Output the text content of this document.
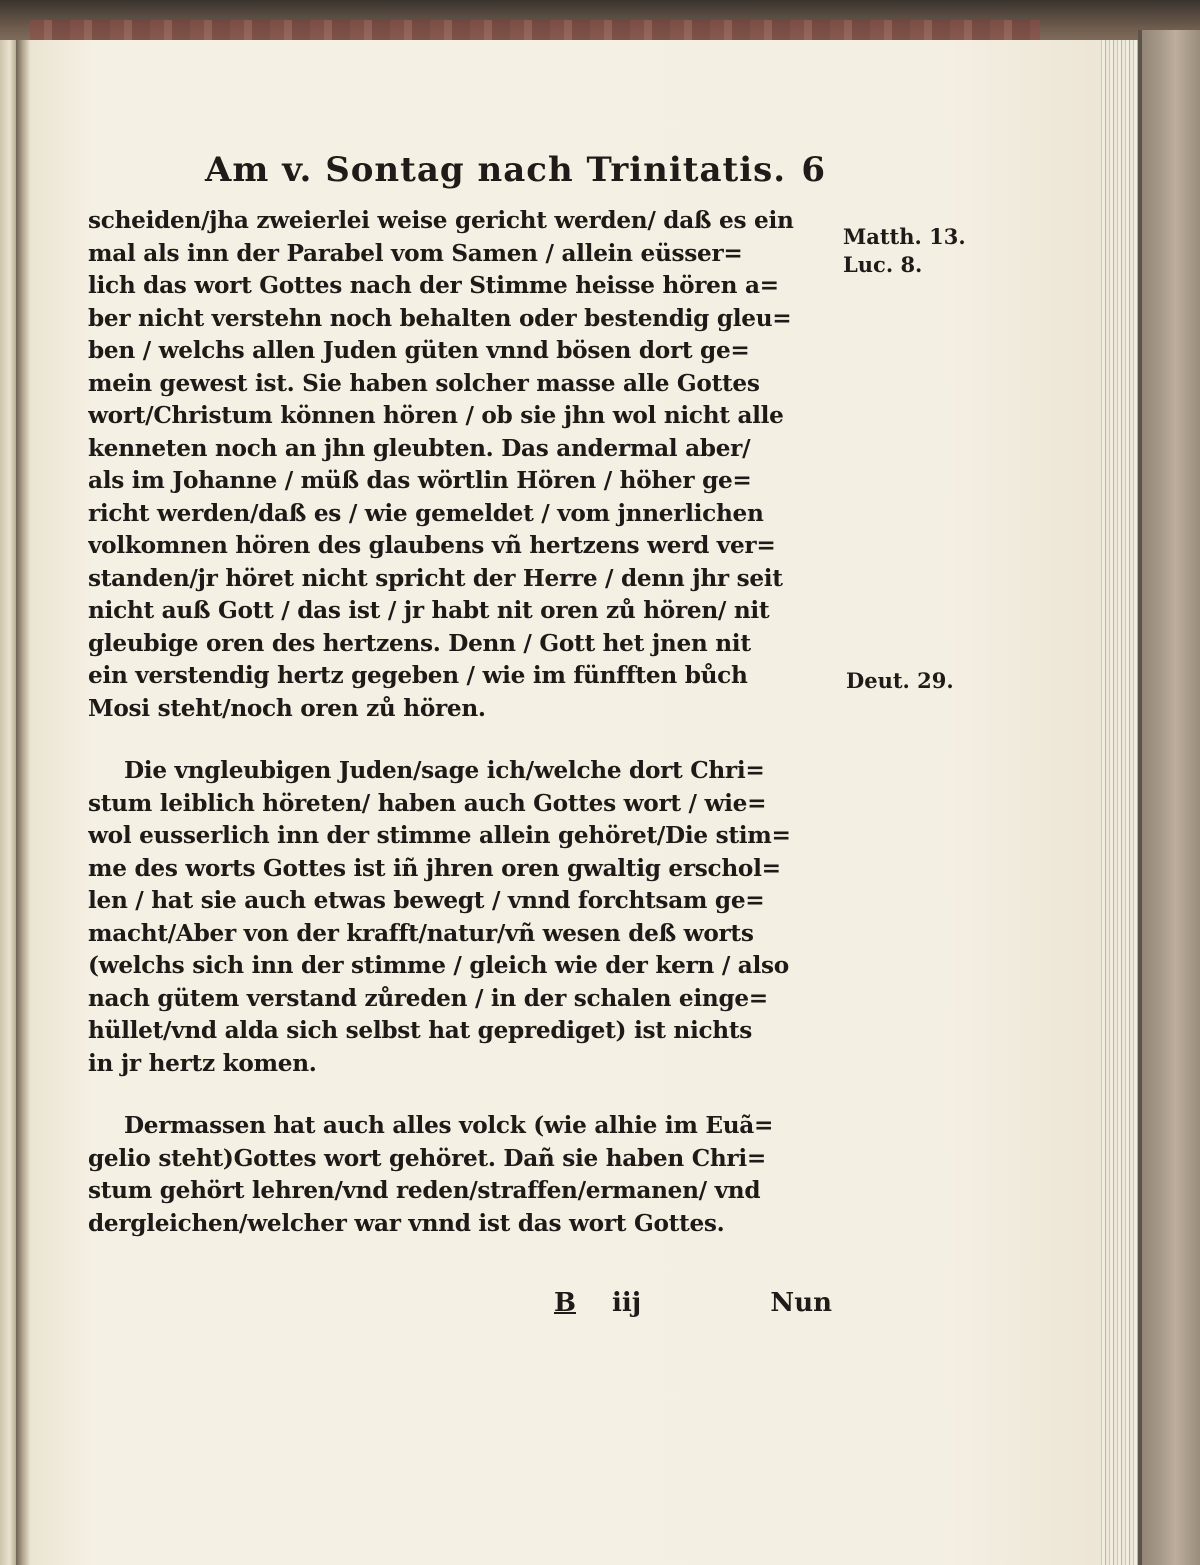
Am v. Sontag nach Trinitatis. 6
scheiden/jha zweierlei weise gericht werden/ daß es ein
mal als inn der Parabel vom Samen / allein eüsser=
lich das wort Gottes nach der Stimme heisse hören a=
ber nicht verstehn noch behalten oder bestendig gleu=
ben / welchs allen Juden güten vnnd bösen dort ge=
mein gewest ist. Sie haben solcher masse alle Gottes
wort/Christum können hören / ob sie jhn wol nicht alle
kenneten noch an jhn gleubten. Das andermal aber/
als im Johanne / müß das wörtlin Hören / höher ge=
richt werden/daß es / wie gemeldet / vom jnnerlichen
volkomnen hören des glaubens vñ hertzens werd ver=
standen/jr höret nicht spricht der Herre / denn jhr seit
nicht auß Gott / das ist / jr habt nit oren zů hören/ nit
gleubige oren des hertzens. Denn / Gott het jnen nit
ein verstendig hertz gegeben / wie im fünfften bůch
Mosi steht/noch oren zů hören.
Die vngleubigen Juden/sage ich/welche dort Chri=
stum leiblich höreten/ haben auch Gottes wort / wie=
wol eusserlich inn der stimme allein gehöret/Die stim=
me des worts Gottes ist iñ jhren oren gwaltig erschol=
len / hat sie auch etwas bewegt / vnnd forchtsam ge=
macht/Aber von der krafft/natur/vñ wesen deß worts
(welchs sich inn der stimme / gleich wie der kern / also
nach gütem verstand zůreden / in der schalen einge=
hüllet/vnd alda sich selbst hat geprediget) ist nichts
in jr hertz komen.
Dermassen hat auch alles volck (wie alhie im Euã=
gelio steht)Gottes wort gehöret. Dañ sie haben Chri=
stum gehört lehren/vnd reden/straffen/ermanen/ vnd
dergleichen/welcher war vnnd ist das wort Gottes.
Matth. 13.
Luc. 8.
Deut. 29.
B iij	Nun
